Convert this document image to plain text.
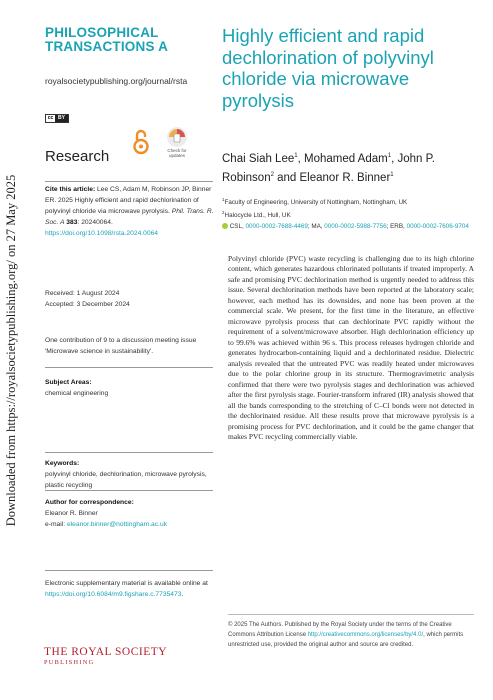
Downloaded from https://royalsocietypublishing.org/ on 27 May 2025
PHILOSOPHICAL
TRANSACTIONS A
royalsocietypublishing.org/journal/rsta
cc BY
Research	Check for
updates
Cite this article: Lee CS, Adam M, Robinson JP, Binner ER. 2025 Highly efficient and rapid dechlorination of polyvinyl chloride via microwave pyrolysis. Phil. Trans. R. Soc. A 383: 20240064.
https://doi.org/10.1098/rsta.2024.0064
Received: 1 August 2024
Accepted: 3 December 2024
One contribution of 9 to a discussion meeting issue 'Microwave science in sustainability'.
Subject Areas:
chemical engineering
Keywords:
polyvinyl chloride, dechlorination, microwave pyrolysis, plastic recycling
Author for correspondence:
Eleanor R. Binner
e-mail: eleanor.binner@nottingham.ac.uk
Electronic supplementary material is available online at https://doi.org/10.6084/m9.figshare.c.7735473.
Highly efficient and rapid dechlorination of polyvinyl chloride via microwave pyrolysis
Chai Siah Lee$^1$, Mohamed Adam$^1$, John P. Robinson$^2$ and Eleanor R. Binner$^1$
$^1$Faculty of Engineering, University of Nottingham, Nottingham, UK
$^2$Halocycle Ltd., Hull, UK
CSL, 0000-0002-7688-4469; MA, 0000-0002-5988-7756; ERB, 0000-0002-7606-9704
Polyvinyl chloride (PVC) waste recycling is challenging due to its high chlorine content, which generates hazardous chlorinated pollutants if treated improperly. A safe and promising PVC dechlorination method is urgently needed to address this issue. Several dechlorination methods have been reported at the laboratory scale; however, each method has its downsides, and none has been proven at the commercial scale. We present, for the first time in the literature, an effective microwave pyrolysis process that can dechlorinate PVC rapidly without the requirement of a solvent/microwave absorber. High dechlorination efficiency up to 99.6% was achieved within 96 s. This process releases hydrogen chloride and generates hydrocarbon-containing liquid and a dechlorinated residue. Dielectric analysis revealed that the untreated PVC was readily heated under microwaves due to the polar chlorine group in its structure. Thermogravimetric analysis confirmed that there were two pyrolysis stages and dechlorination was achieved after the first pyrolysis stage. Fourier-transform infrared (IR) analysis showed that all the bands corresponding to the stretching of C–Cl bonds were not detected in the dechlorinated residue. All these results prove that microwave pyrolysis is a promising process for PVC dechlorination, and it could be the game changer that makes PVC recycling commercially viable.
© 2025 The Authors. Published by the Royal Society under the terms of the Creative Commons Attribution License http://creativecommons.org/licenses/by/4.0/, which permits unrestricted use, provided the original author and source are credited.
THE ROYAL SOCIETY
PUBLISHING
